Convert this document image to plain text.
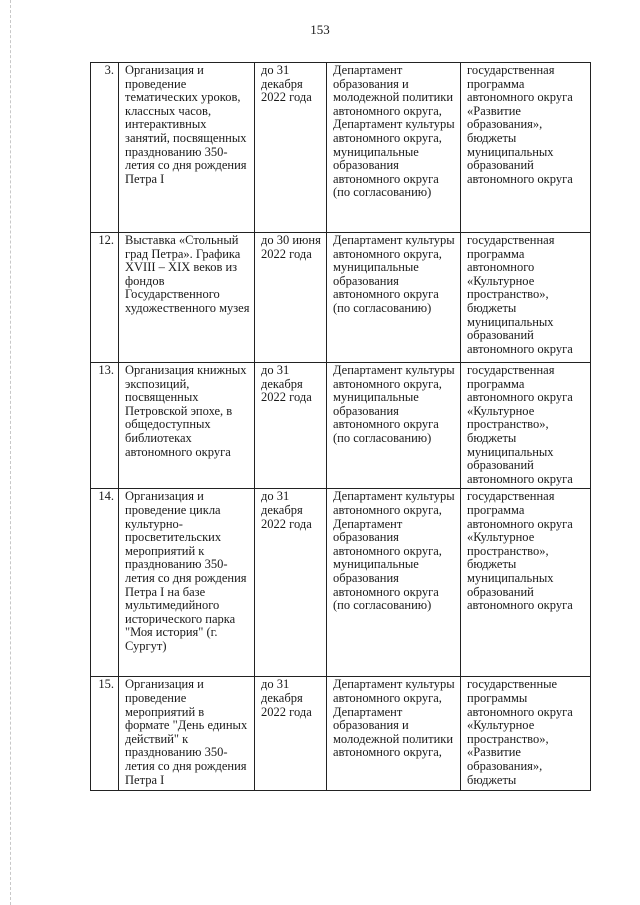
153
3.	Организация и проведение тематических уроков, классных часов, интерактивных занятий, посвященных празднованию 350-летия со дня рождения Петра I	до 31 декабря 2022 года	Департамент образования и молодежной политики автономного округа, Департамент культуры автономного округа, муниципальные образования автономного округа (по согласованию)	государственная программа автономного округа «Развитие образования», бюджеты муниципальных образований автономного округа
12.	Выставка «Стольный град Петра». Графика XVIII – XIX веков из фондов Государственного художественного музея	до 30 июня 2022 года	Департамент культуры автономного округа, муниципальные образования автономного округа (по согласованию)	государственная программа автономного «Культурное пространство», бюджеты муниципальных образований автономного округа
13.	Организация книжных экспозиций, посвященных Петровской эпохе, в общедоступных библиотеках автономного округа	до 31 декабря 2022 года	Департамент культуры автономного округа, муниципальные образования автономного округа (по согласованию)	государственная программа автономного округа «Культурное пространство», бюджеты муниципальных образований автономного округа
14.	Организация и проведение цикла культурно-просветительских мероприятий к празднованию 350-летия со дня рождения Петра I на базе мультимедийного исторического парка "Моя история" (г. Сургут)	до 31 декабря 2022 года	Департамент культуры автономного округа, Департамент образования автономного округа, муниципальные образования автономного округа (по согласованию)	государственная программа автономного округа «Культурное пространство», бюджеты муниципальных образований автономного округа
15.	Организация и проведение мероприятий в формате "День единых действий" к празднованию 350-летия со дня рождения Петра I	до 31 декабря 2022 года	Департамент культуры автономного округа, Департамент образования и молодежной политики автономного округа,	государственные программы автономного округа «Культурное пространство», «Развитие образования», бюджеты
